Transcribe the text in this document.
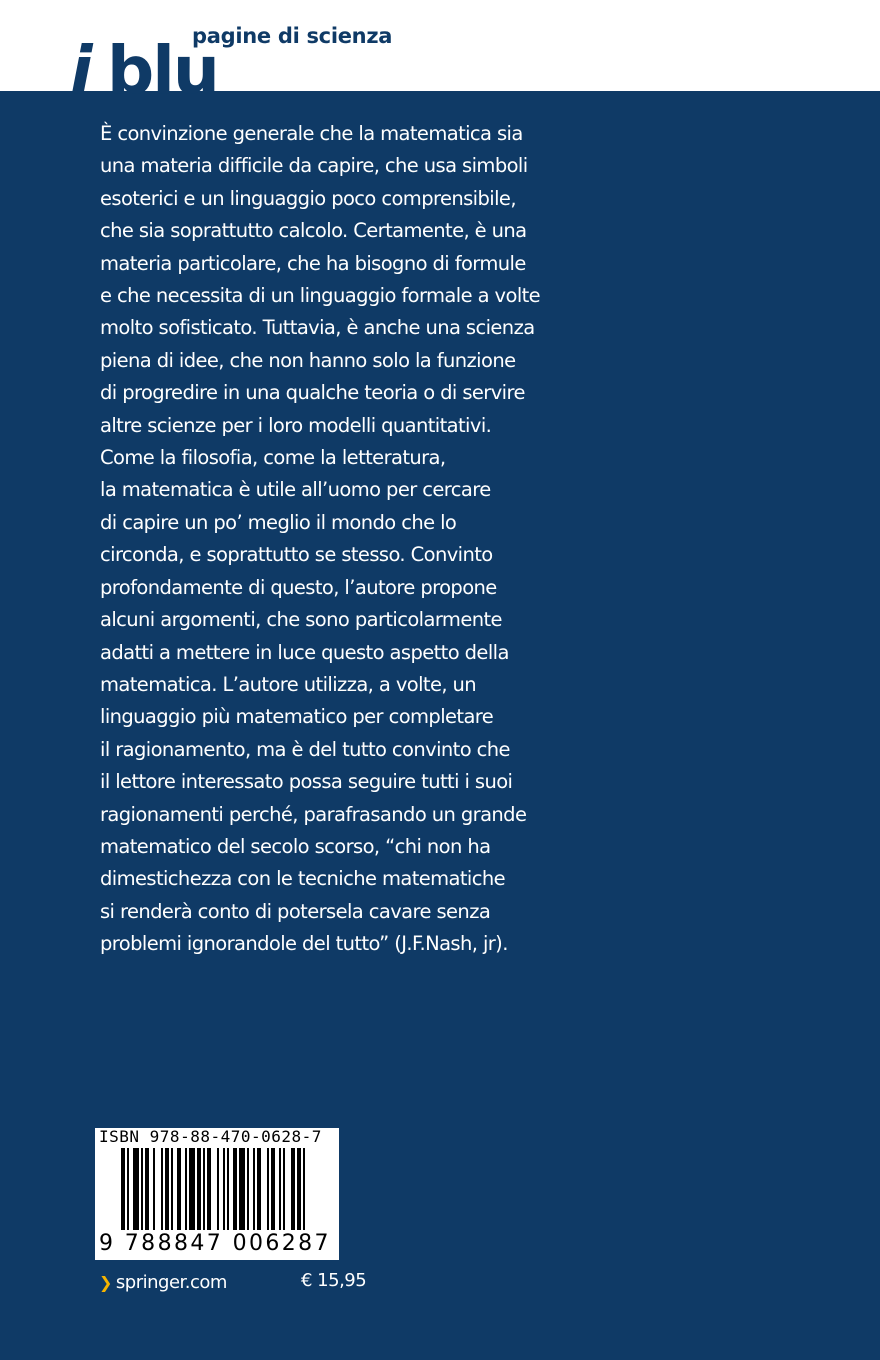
i blu
pagine di scienza
È convinzione generale che la matematica sia
una materia difficile da capire, che usa simboli
esoterici e un linguaggio poco comprensibile,
che sia soprattutto calcolo. Certamente, è una
materia particolare, che ha bisogno di formule
e che necessita di un linguaggio formale a volte
molto sofisticato. Tuttavia, è anche una scienza
piena di idee, che non hanno solo la funzione
di progredire in una qualche teoria o di servire
altre scienze per i loro modelli quantitativi.
Come la filosofia, come la letteratura,
la matematica è utile all’uomo per cercare
di capire un po’ meglio il mondo che lo
circonda, e soprattutto se stesso. Convinto
profondamente di questo, l’autore propone
alcuni argomenti, che sono particolarmente
adatti a mettere in luce questo aspetto della
matematica. L’autore utilizza, a volte, un
linguaggio più matematico per completare
il ragionamento, ma è del tutto convinto che
il lettore interessato possa seguire tutti i suoi
ragionamenti perché, parafrasando un grande
matematico del secolo scorso, “chi non ha
dimestichezza con le tecniche matematiche
si renderà conto di potersela cavare senza
problemi ignorandole del tutto” (J.F.Nash, jr).
ISBN 978-88-470-0628-7
9 788847 006287
❯ springer.com	€ 15,95
